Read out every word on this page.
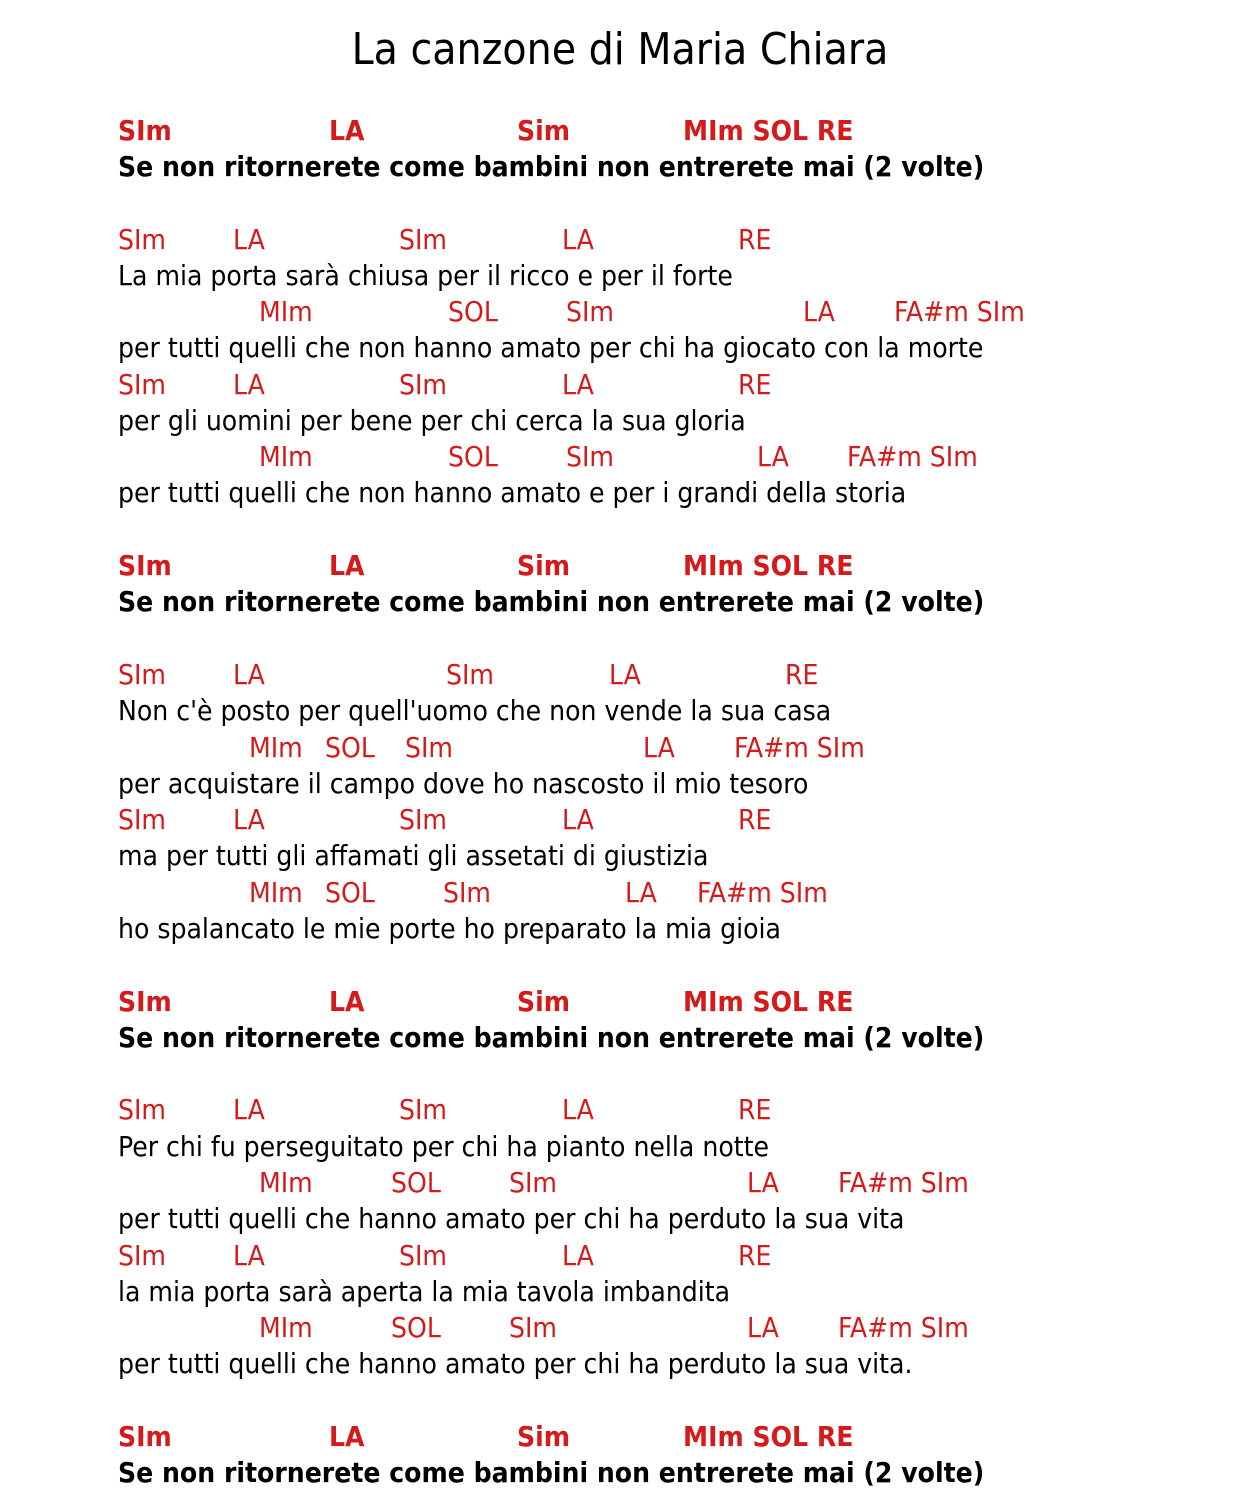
La canzone di Maria Chiara
SIm	LA	Sim	MIm SOL RE
Se non ritornerete come bambini non entrerete mai (2 volte)
SIm LA	SIm	LA	RE
La mia porta sarà chiusa per il ricco e per il forte
MIm	SOL SIm	LA FA#m SIm
per tutti quelli che non hanno amato per chi ha giocato con la morte
SIm LA	SIm	LA	RE
per gli uomini per bene per chi cerca la sua gloria
MIm	SOL SIm	LA FA#m SIm
per tutti quelli che non hanno amato e per i grandi della storia
SIm	LA	Sim	MIm SOL RE
Se non ritornerete come bambini non entrerete mai (2 volte)
SIm LA	SIm	LA	RE
Non c'è posto per quell'uomo che non vende la sua casa
MIm SOL SIm	LA FA#m SIm
per acquistare il campo dove ho nascosto il mio tesoro
SIm LA	SIm	LA	RE
ma per tutti gli affamati gli assetati di giustizia
MIm SOL SIm	LA FA#m SIm
ho spalancato le mie porte ho preparato la mia gioia
SIm	LA	Sim	MIm SOL RE
Se non ritornerete come bambini non entrerete mai (2 volte)
SIm LA	SIm	LA	RE
Per chi fu perseguitato per chi ha pianto nella notte
MIm	SOL SIm	LA FA#m SIm
per tutti quelli che hanno amato per chi ha perduto la sua vita
SIm LA	SIm	LA	RE
la mia porta sarà aperta la mia tavola imbandita
MIm	SOL SIm	LA FA#m SIm
per tutti quelli che hanno amato per chi ha perduto la sua vita.
SIm	LA	Sim	MIm SOL RE
Se non ritornerete come bambini non entrerete mai (2 volte)
